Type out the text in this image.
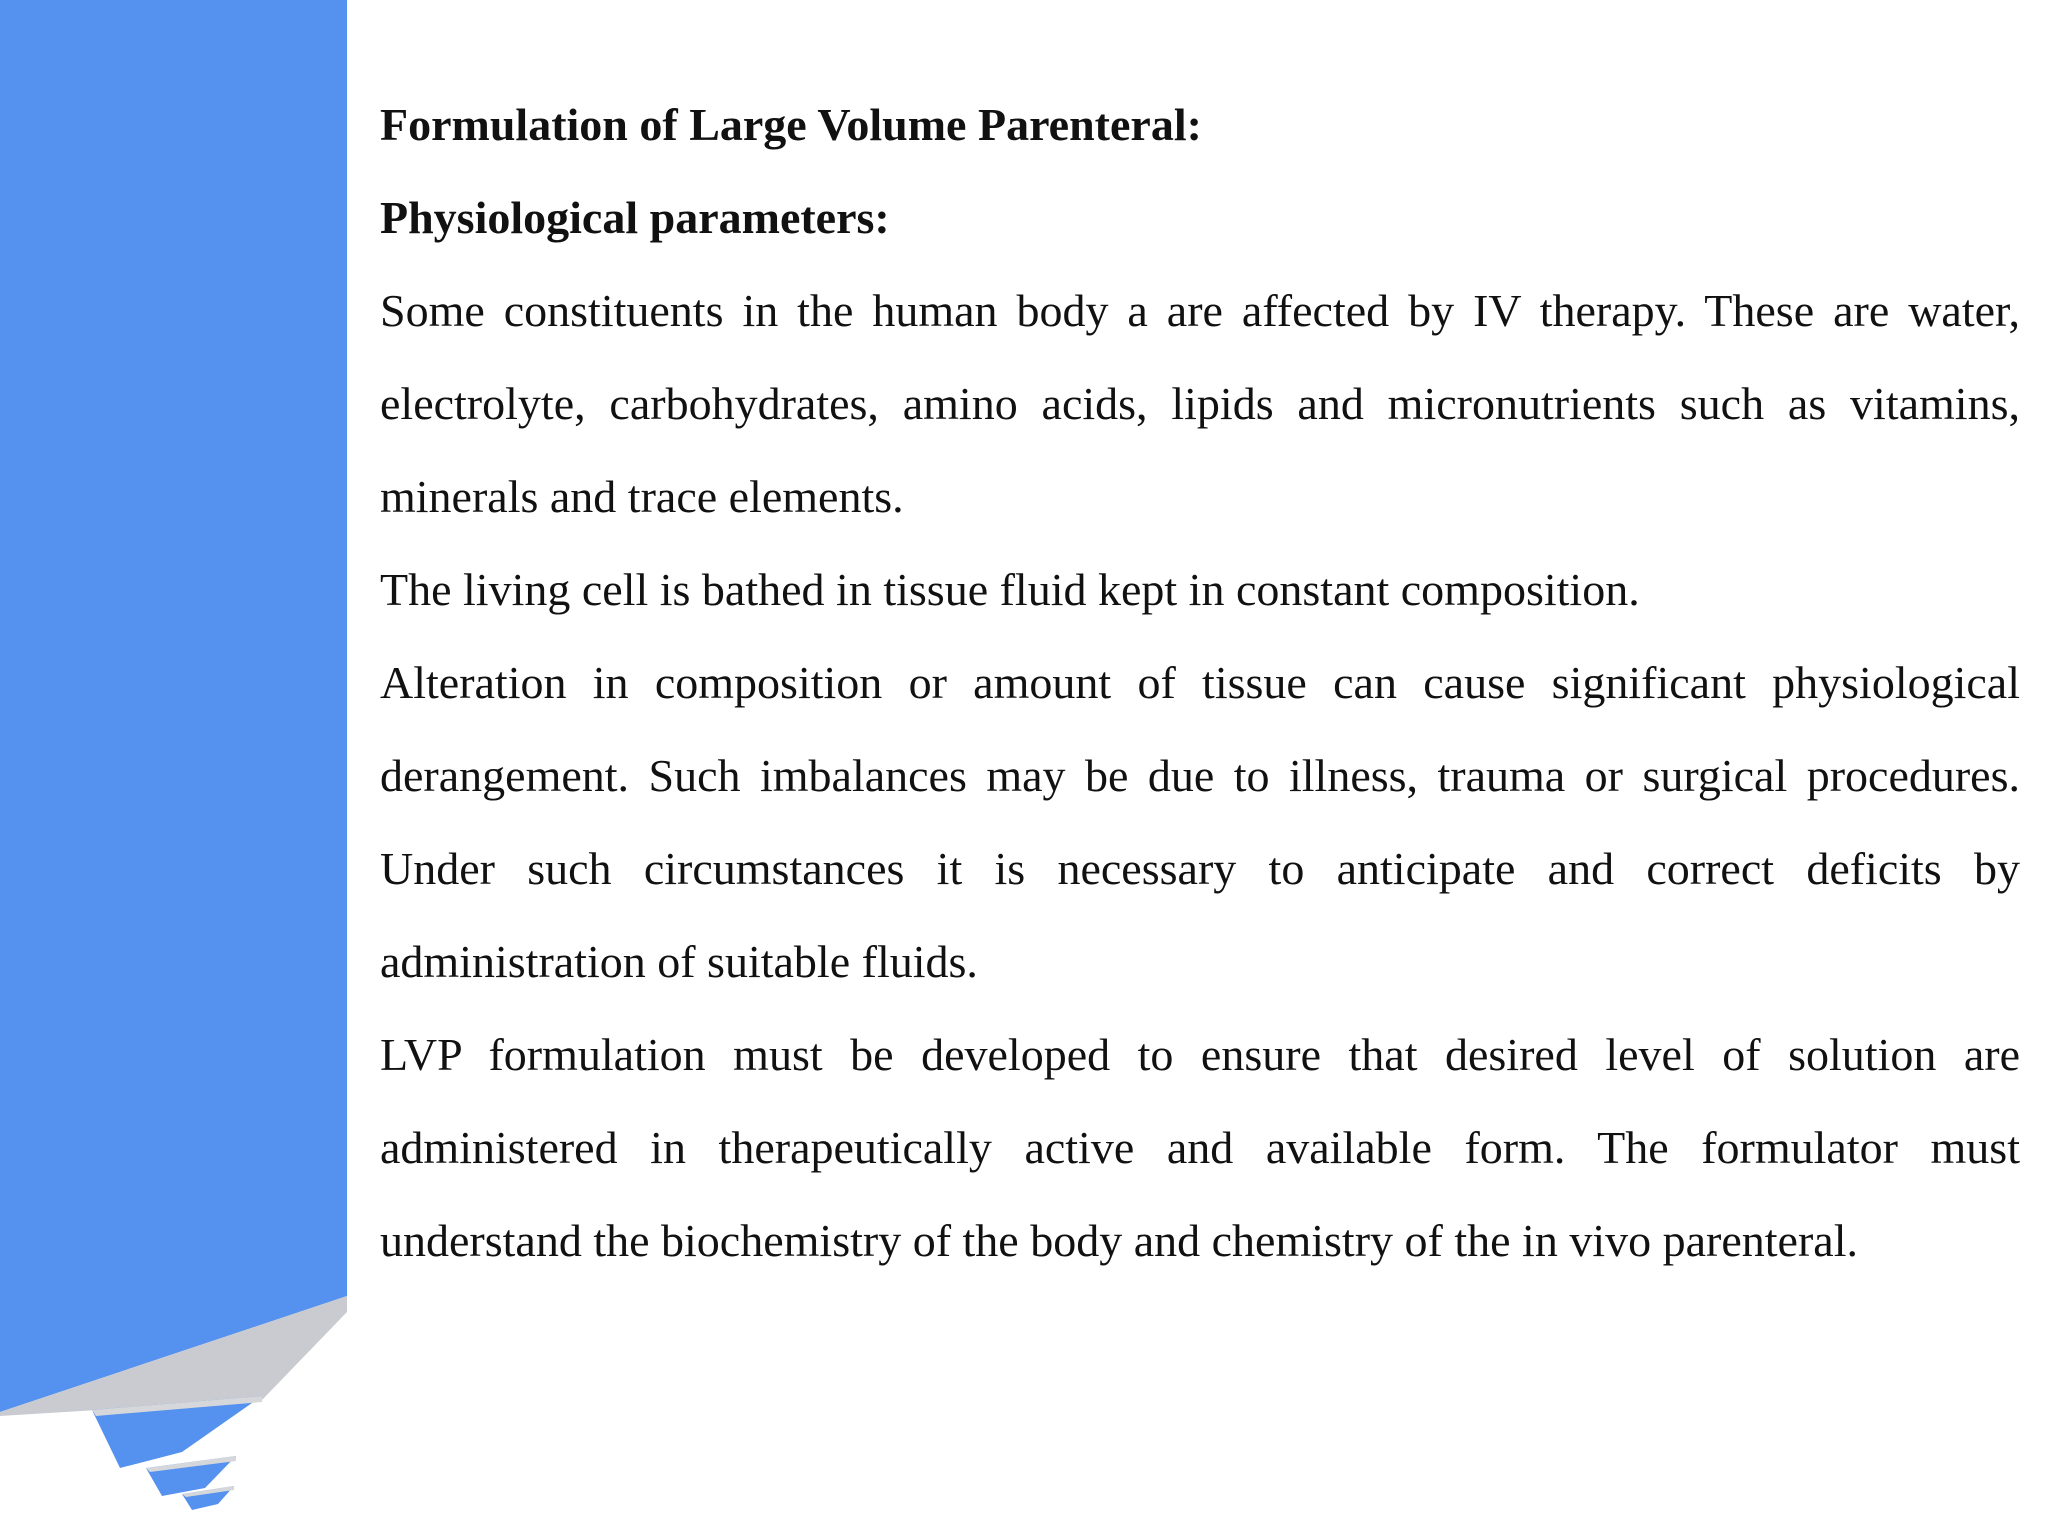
Formulation of Large Volume Parenteral:

Physiological parameters:

Some constituents in the human body a are affected by IV therapy. These are water, electrolyte, carbohydrates, amino acids, lipids and micronutrients such as vitamins, minerals and trace elements.

The living cell is bathed in tissue fluid kept in constant composition.

Alteration in composition or amount of tissue can cause significant physiological derangement. Such imbalances may be due to illness, trauma or surgical procedures. Under such circumstances it is necessary to anticipate and correct deficits by administration of suitable fluids.

LVP formulation must be developed to ensure that desired level of solution are administered in therapeutically active and available form. The formulator must understand the biochemistry of the body and chemistry of the in vivo parenteral.
